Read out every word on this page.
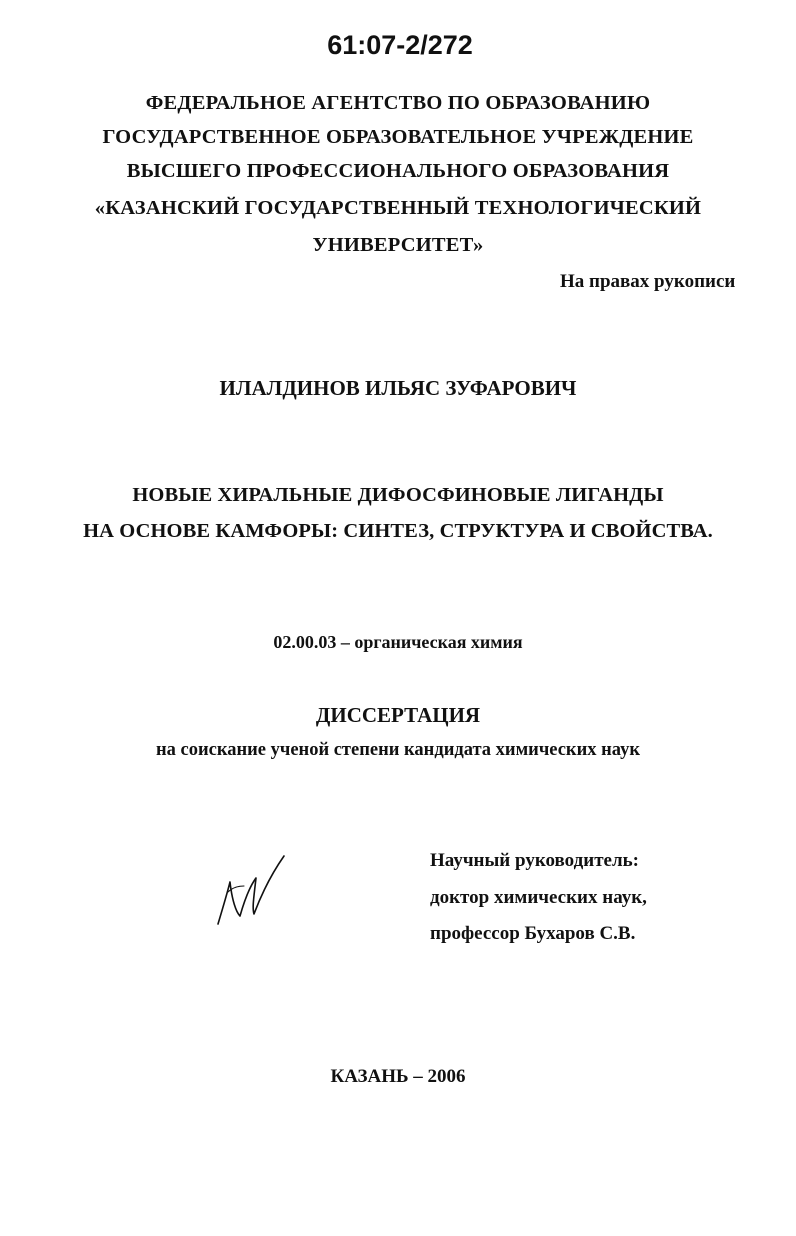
61:07-2/272
ФЕДЕРАЛЬНОЕ АГЕНТСТВО ПО ОБРАЗОВАНИЮ
ГОСУДАРСТВЕННОЕ ОБРАЗОВАТЕЛЬНОЕ УЧРЕЖДЕНИЕ
ВЫСШЕГО ПРОФЕССИОНАЛЬНОГО ОБРАЗОВАНИЯ
«КАЗАНСКИЙ ГОСУДАРСТВЕННЫЙ ТЕХНОЛОГИЧЕСКИЙ
УНИВЕРСИТЕТ»
На правах рукописи
ИЛАЛДИНОВ ИЛЬЯС ЗУФАРОВИЧ
НОВЫЕ ХИРАЛЬНЫЕ ДИФОСФИНОВЫЕ ЛИГАНДЫ
НА ОСНОВЕ КАМФОРЫ: СИНТЕЗ, СТРУКТУРА И СВОЙСТВА.
02.00.03 – органическая химия
ДИССЕРТАЦИЯ
на соискание ученой степени кандидата химических наук
Научный руководитель:
доктор химических наук,
профессор Бухаров С.В.
КАЗАНЬ – 2006
